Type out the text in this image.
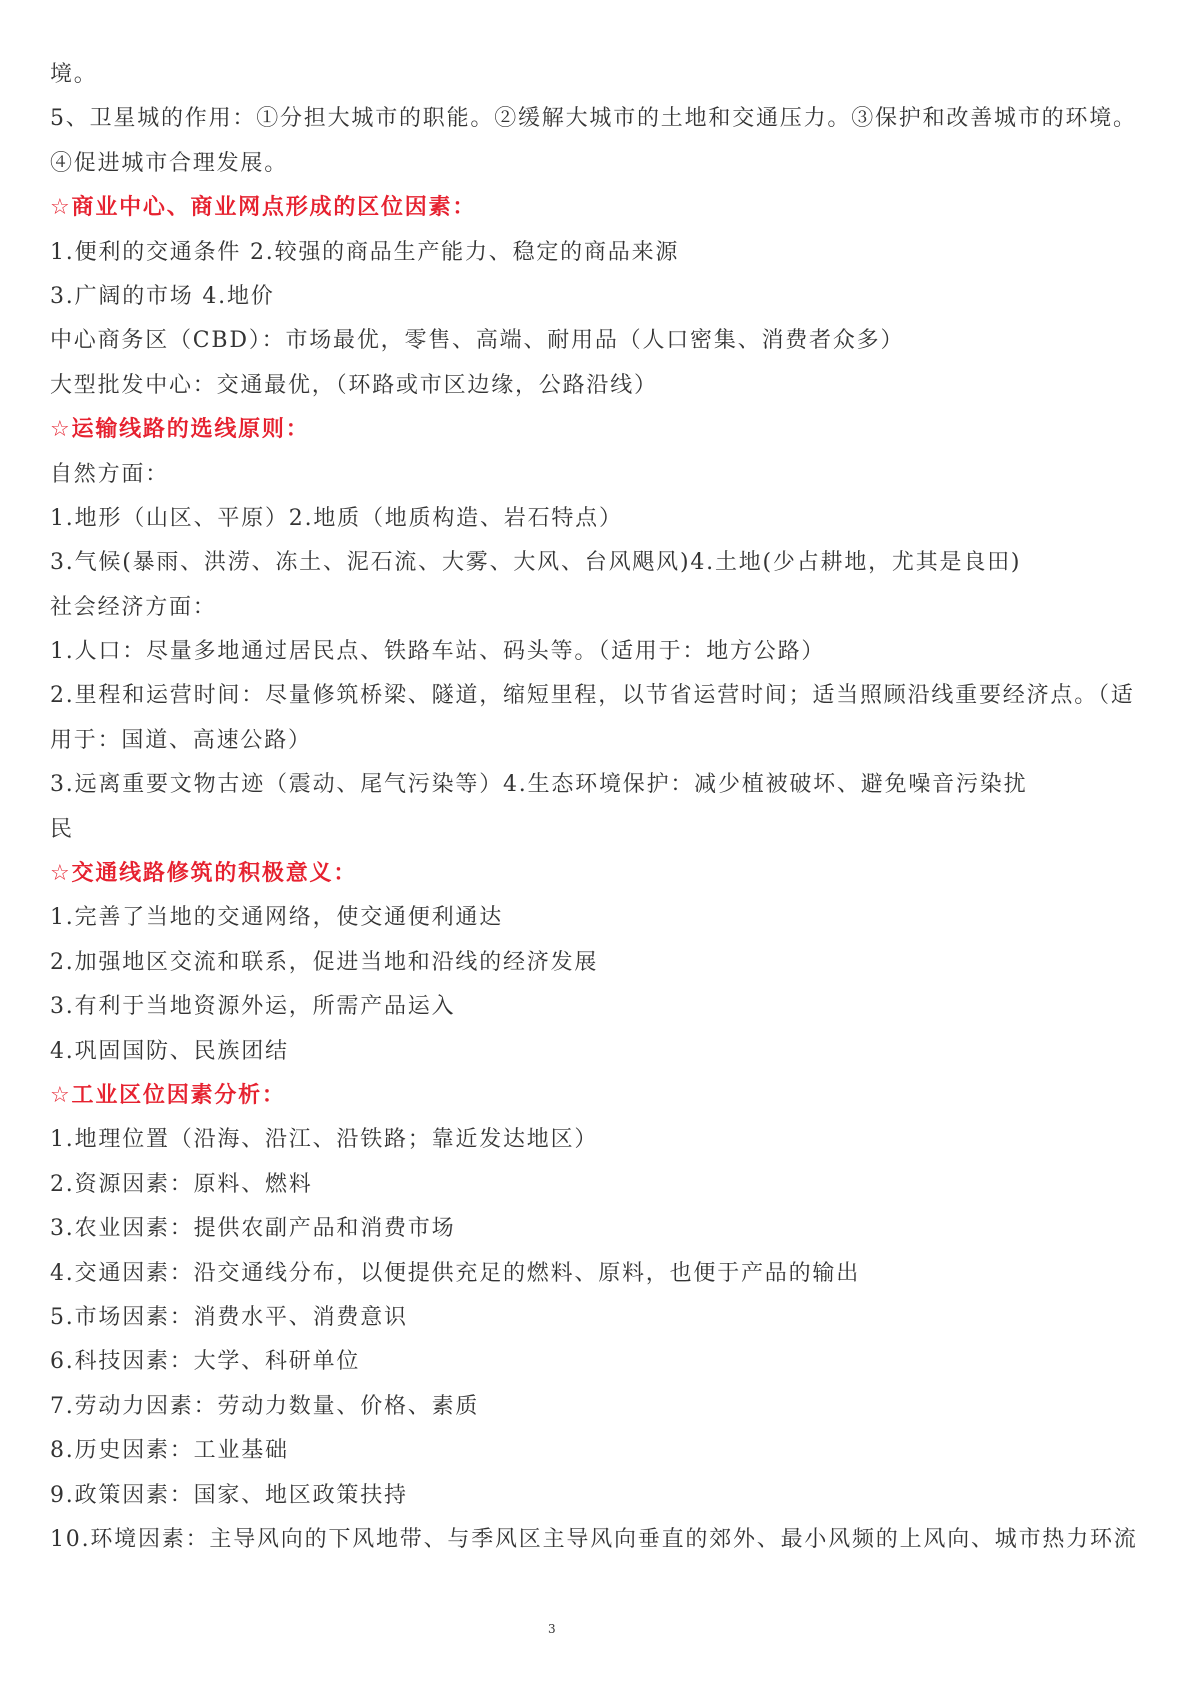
境。
5、卫星城的作用：①分担大城市的职能。②缓解大城市的土地和交通压力。③保护和改善城市的环境。
④促进城市合理发展。
☆商业中心、商业网点形成的区位因素：
1.便利的交通条件 2.较强的商品生产能力、稳定的商品来源
3.广阔的市场 4.地价
中心商务区（CBD）：市场最优，零售、高端、耐用品（人口密集、消费者众多）
大型批发中心：交通最优，（环路或市区边缘，公路沿线）
☆运输线路的选线原则：
自然方面：
1.地形（山区、平原）2.地质（地质构造、岩石特点）
3.气候(暴雨、洪涝、冻土、泥石流、大雾、大风、台风飓风)4.土地(少占耕地，尤其是良田)
社会经济方面：
1.人口：尽量多地通过居民点、铁路车站、码头等。（适用于：地方公路）
2.里程和运营时间：尽量修筑桥梁、隧道，缩短里程，以节省运营时间；适当照顾沿线重要经济点。（适
用于：国道、高速公路）
3.远离重要文物古迹（震动、尾气污染等）4.生态环境保护：减少植被破坏、避免噪音污染扰
民
☆交通线路修筑的积极意义：
1.完善了当地的交通网络，使交通便利通达
2.加强地区交流和联系，促进当地和沿线的经济发展
3.有利于当地资源外运，所需产品运入
4.巩固国防、民族团结
☆工业区位因素分析：
1.地理位置（沿海、沿江、沿铁路；靠近发达地区）
2.资源因素：原料、燃料
3.农业因素：提供农副产品和消费市场
4.交通因素：沿交通线分布，以便提供充足的燃料、原料，也便于产品的输出
5.市场因素：消费水平、消费意识
6.科技因素：大学、科研单位
7.劳动力因素：劳动力数量、价格、素质
8.历史因素：工业基础
9.政策因素：国家、地区政策扶持
10.环境因素：主导风向的下风地带、与季风区主导风向垂直的郊外、最小风频的上风向、城市热力环流
3
